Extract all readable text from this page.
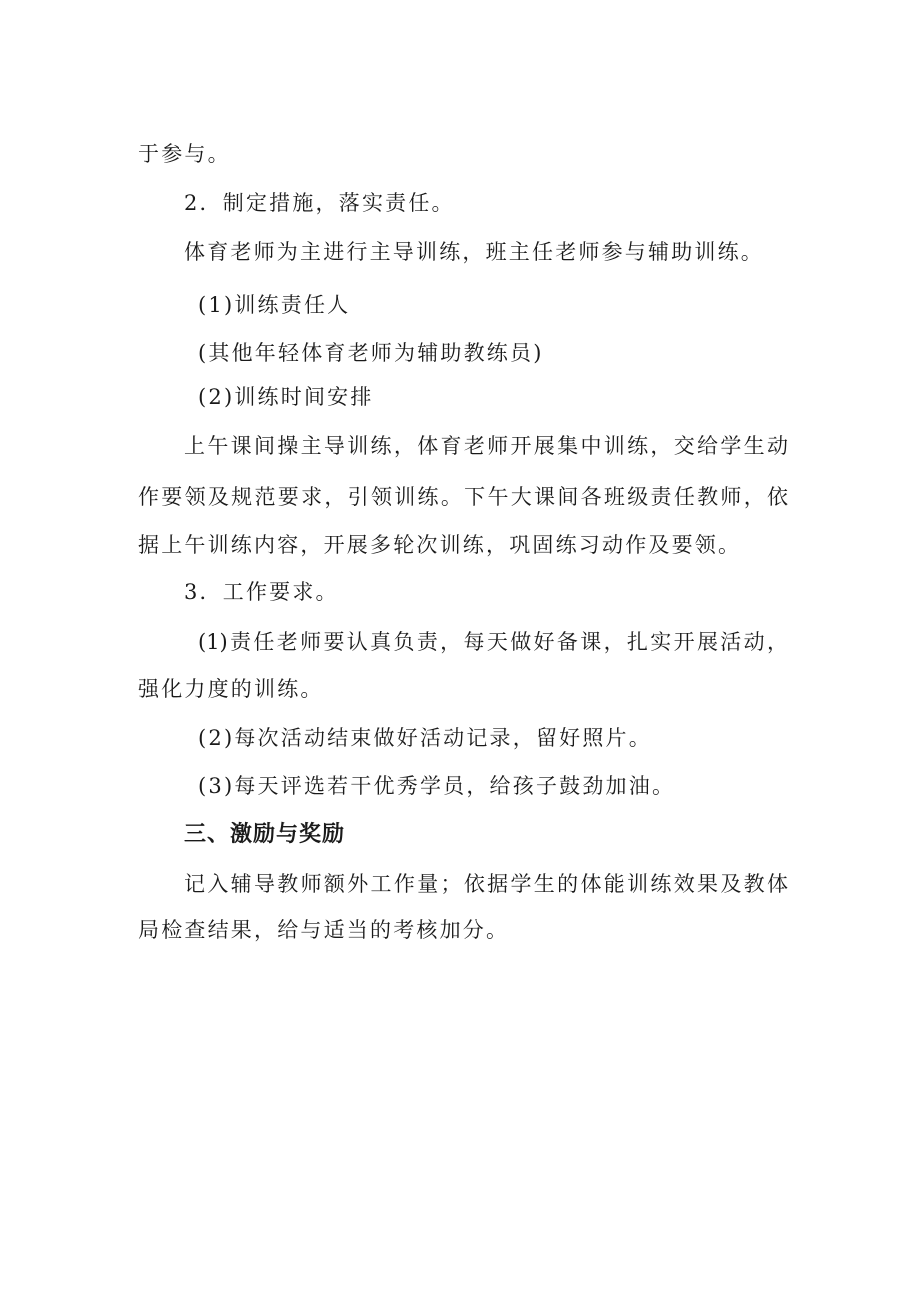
于参与。
2．制定措施，落实责任。
体育老师为主进行主导训练，班主任老师参与辅助训练。
(1)训练责任人
(其他年轻体育老师为辅助教练员)
(2)训练时间安排
上午课间操主导训练，体育老师开展集中训练，交给学生动
作要领及规范要求，引领训练。下午大课间各班级责任教师，依
据上午训练内容，开展多轮次训练，巩固练习动作及要领。
3．工作要求。
(1)责任老师要认真负责，每天做好备课，扎实开展活动，
强化力度的训练。
(2)每次活动结束做好活动记录，留好照片。
(3)每天评选若干优秀学员，给孩子鼓劲加油。
三、激励与奖励
记入辅导教师额外工作量；依据学生的体能训练效果及教体
局检查结果，给与适当的考核加分。
